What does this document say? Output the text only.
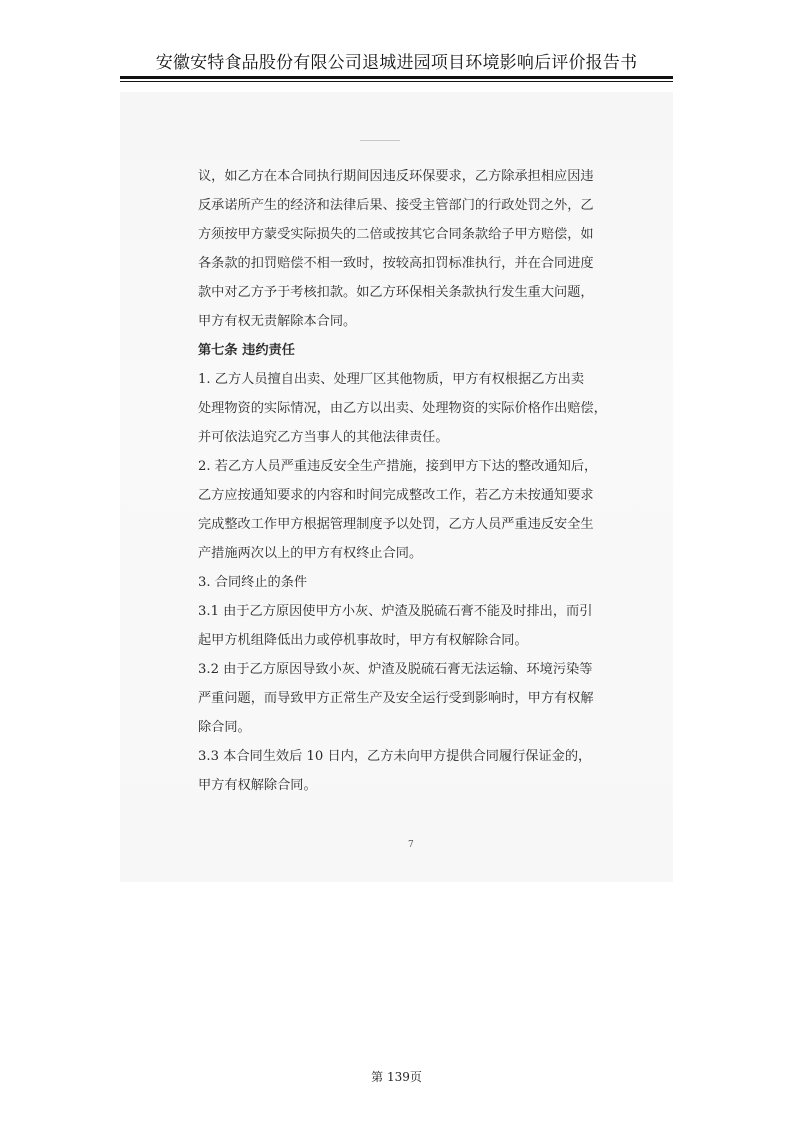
安徽安特食品股份有限公司退城进园项目环境影响后评价报告书

议，如乙方在本合同执行期间因违反环保要求，乙方除承担相应因违

反承诺所产生的经济和法律后果、接受主管部门的行政处罚之外，乙

方须按甲方蒙受实际损失的二倍或按其它合同条款给子甲方赔偿，如

各条款的扣罚赔偿不相一致时，按较高扣罚标准执行，并在合同进度

款中对乙方予于考核扣款。如乙方环保相关条款执行发生重大问题，

甲方有权无责解除本合同。

第七条 违约责任

1. 乙方人员擅自出卖、处理厂区其他物质，甲方有权根据乙方出卖

处理物资的实际情况，由乙方以出卖、处理物资的实际价格作出赔偿，

并可依法追究乙方当事人的其他法律责任。

2. 若乙方人员严重违反安全生产措施，接到甲方下达的整改通知后，

乙方应按通知要求的内容和时间完成整改工作，若乙方未按通知要求

完成整改工作甲方根据管理制度予以处罚，乙方人员严重违反安全生

产措施两次以上的甲方有权终止合同。

3. 合同终止的条件

3.1 由于乙方原因使甲方小灰、炉渣及脱硫石膏不能及时排出，而引

起甲方机组降低出力或停机事故时，甲方有权解除合同。

3.2 由于乙方原因导致小灰、炉渣及脱硫石膏无法运输、环境污染等

严重问题，而导致甲方正常生产及安全运行受到影响时，甲方有权解

除合同。

3.3 本合同生效后 10 日内，乙方未向甲方提供合同履行保证金的，

甲方有权解除合同。

7
第 139页
